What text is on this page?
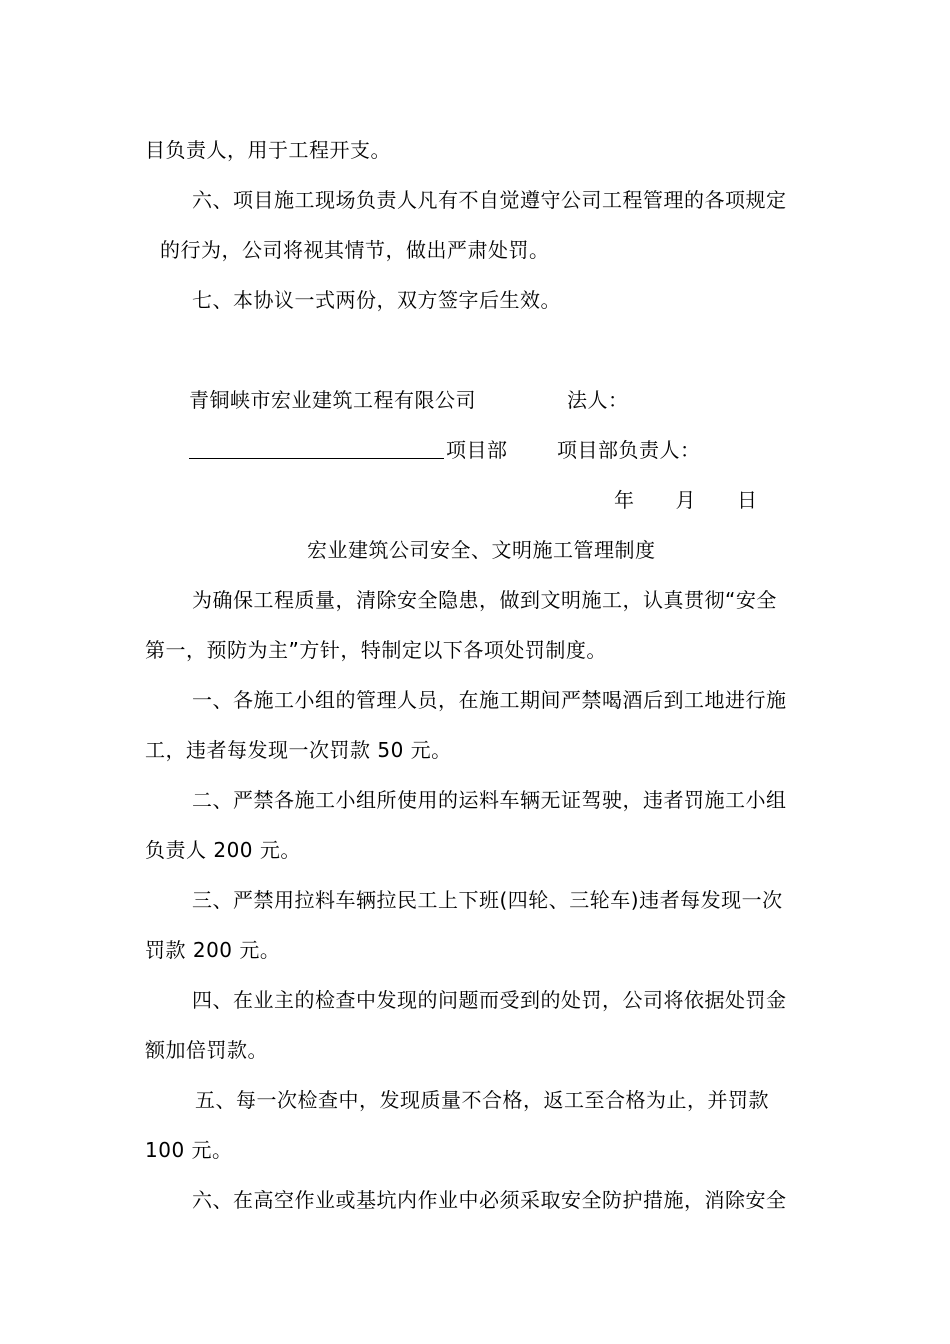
目负责人，用于工程开支。
六、项目施工现场负责人凡有不自觉遵守公司工程管理的各项规定
的行为，公司将视其情节，做出严肃处罚。
七、本协议一式两份，双方签字后生效。
青铜峡市宏业建筑工程有限公司	法人：
项目部 项目部负责人：
年　　月　　日
宏业建筑公司安全、文明施工管理制度
为确保工程质量，清除安全隐患，做到文明施工，认真贯彻“安全
第一，预防为主”方针，特制定以下各项处罚制度。
一、各施工小组的管理人员，在施工期间严禁喝酒后到工地进行施
工，违者每发现一次罚款 50 元。
二、严禁各施工小组所使用的运料车辆无证驾驶，违者罚施工小组
负责人 200 元。
三、严禁用拉料车辆拉民工上下班(四轮、三轮车)违者每发现一次
罚款 200 元。
四、在业主的检查中发现的问题而受到的处罚，公司将依据处罚金
额加倍罚款。
五、每一次检查中，发现质量不合格，返工至合格为止，并罚款
100 元。
六、在高空作业或基坑内作业中必须采取安全防护措施，消除安全
